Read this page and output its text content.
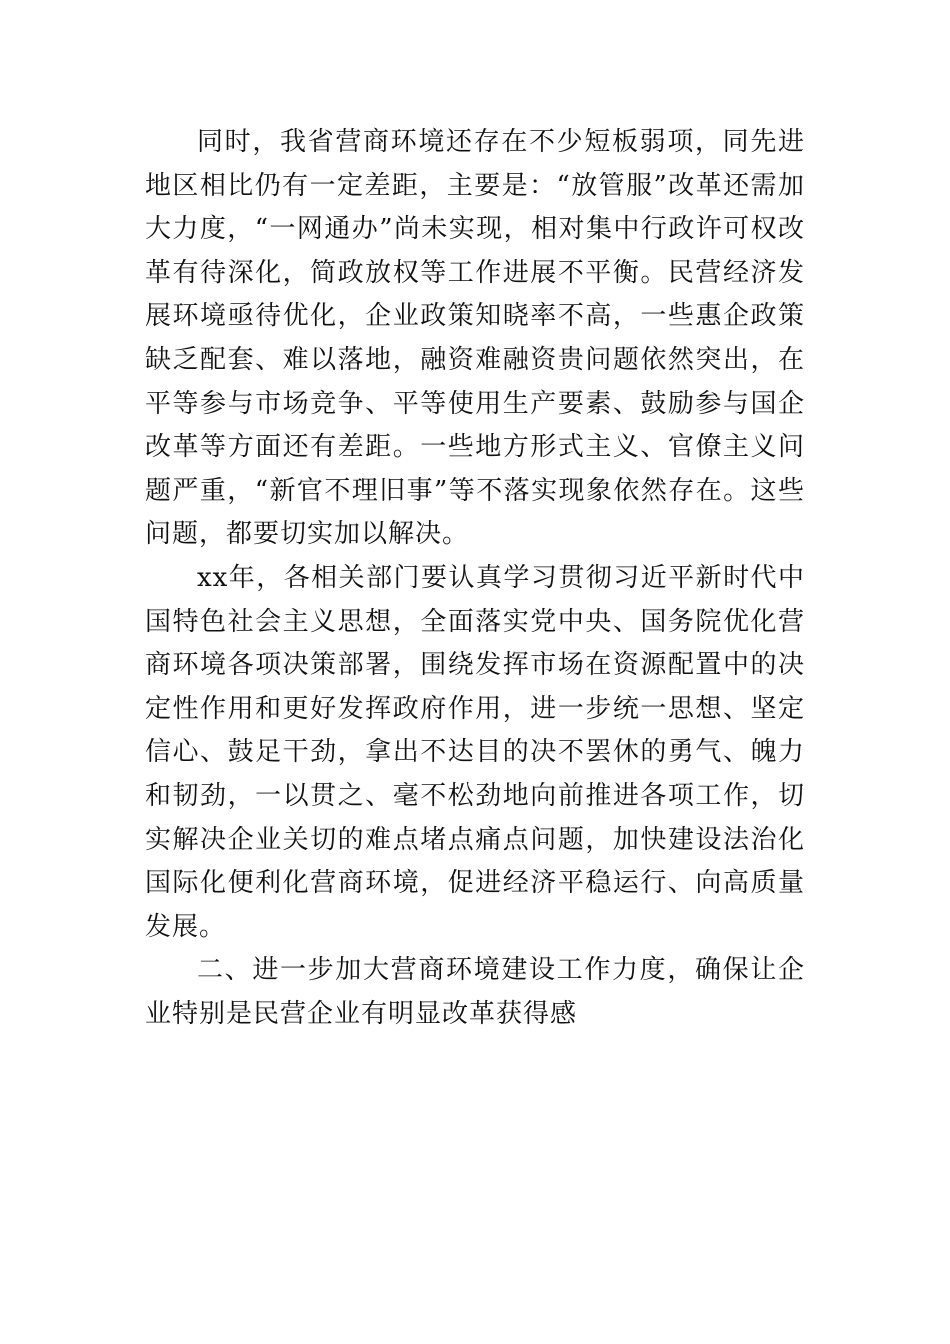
同时，我省营商环境还存在不少短板弱项，同先进地区相比仍有一定差距，主要是：“放管服”改革还需加大力度，“一网通办”尚未实现，相对集中行政许可权改革有待深化，简政放权等工作进展不平衡。民营经济发展环境亟待优化，企业政策知晓率不高，一些惠企政策缺乏配套、难以落地，融资难融资贵问题依然突出，在平等参与市场竞争、平等使用生产要素、鼓励参与国企改革等方面还有差距。一些地方形式主义、官僚主义问题严重，“新官不理旧事”等不落实现象依然存在。这些问题，都要切实加以解决。

xx年，各相关部门要认真学习贯彻习近平新时代中国特色社会主义思想，全面落实党中央、国务院优化营商环境各项决策部署，围绕发挥市场在资源配置中的决定性作用和更好发挥政府作用，进一步统一思想、坚定信心、鼓足干劲，拿出不达目的决不罢休的勇气、魄力和韧劲，一以贯之、毫不松劲地向前推进各项工作，切实解决企业关切的难点堵点痛点问题，加快建设法治化国际化便利化营商环境，促进经济平稳运行、向高质量发展。

二、进一步加大营商环境建设工作力度，确保让企业特别是民营企业有明显改革获得感
